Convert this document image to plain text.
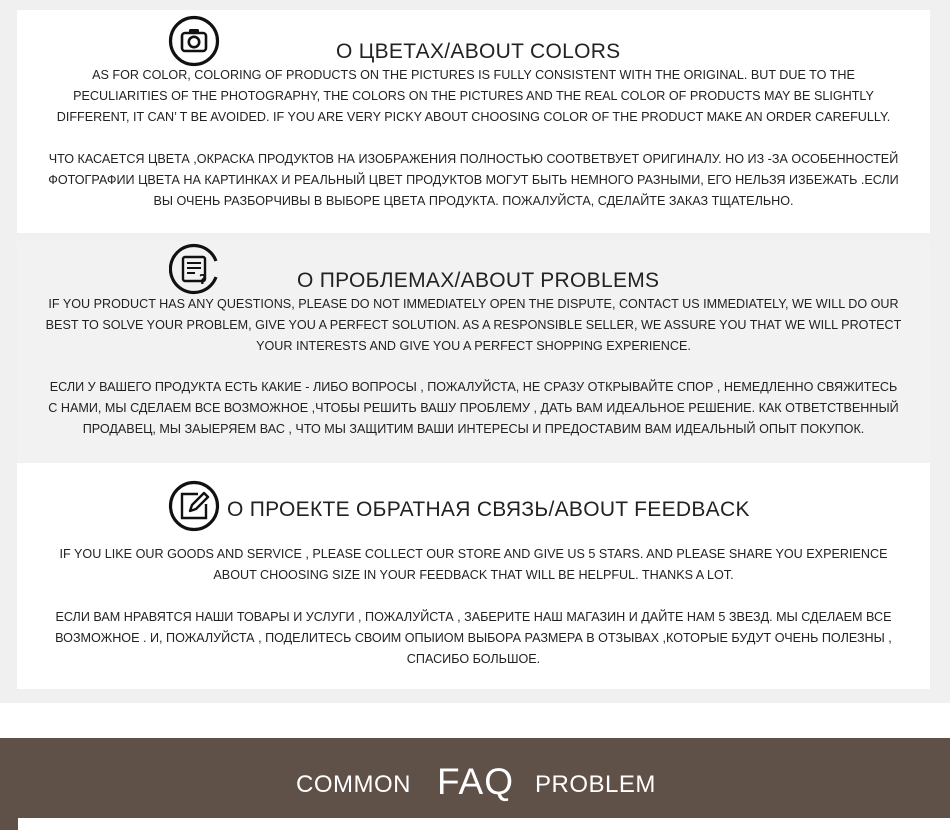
О ЦВЕТАХ/ABOUT COLORS
AS FOR COLOR, COLORING OF PRODUCTS ON THE PICTURES IS FULLY CONSISTENT WITH THE ORIGINAL. BUT DUE TO THE PECULIARITIES OF THE PHOTOGRAPHY, THE COLORS ON THE PICTURES AND THE REAL COLOR OF PRODUCTS MAY BE SLIGHTLY DIFFERENT, IT CAN’ T BE AVOIDED. IF YOU ARE VERY PICKY ABOUT CHOOSING COLOR OF THE PRODUCT MAKE AN ORDER CAREFULLY.
ЧТО КАСАЕТСЯ ЦВЕТА ,ОКРАСКА ПРОДУКТОВ НА ИЗОБРАЖЕНИЯ ПОЛНОСТЬЮ СООТВЕТВУЕТ ОРИГИНАЛУ. НО ИЗ -ЗА ОСОБЕННОСТЕЙ ФОТОГРАФИИ ЦВЕТА НА КАРТИНКАХ И РЕАЛЬНЫЙ ЦВЕТ ПРОДУКТОВ МОГУТ БЫТЬ НЕМНОГО РАЗНЫМИ, ЕГО НЕЛЬЗЯ ИЗБЕЖАТЬ .ЕСЛИ ВЫ ОЧЕНЬ РАЗБОРЧИВЫ В ВЫБОРЕ ЦВЕТА ПРОДУКТА. ПОЖАЛУЙСТА, СДЕЛАЙТЕ ЗАКАЗ ТЩАТЕЛЬНО.
?	О ПРОБЛЕМАХ/ABOUT PROBLEMS
IF YOU PRODUCT HAS ANY QUESTIONS, PLEASE DO NOT IMMEDIATELY OPEN THE DISPUTE, CONTACT US IMMEDIATELY, WE WILL DO OUR BEST TO SOLVE YOUR PROBLEM, GIVE YOU A PERFECT SOLUTION. AS A RESPONSIBLE SELLER, WE ASSURE YOU THAT WE WILL PROTECT YOUR INTERESTS AND GIVE YOU A PERFECT SHOPPING EXPERIENCE.
ЕСЛИ У ВАШЕГО ПРОДУКТА ЕСТЬ КАКИЕ - ЛИБО ВОПРОСЫ , ПОЖАЛУЙСТА, НЕ СРАЗУ ОТКРЫВАЙТЕ СПОР , НЕМЕДЛЕННО СВЯЖИТЕСЬ С НАМИ, МЫ СДЕЛАЕМ ВСЕ ВОЗМОЖНОЕ ,ЧТОБЫ РЕШИТЬ ВАШУ ПРОБЛЕМУ , ДАТЬ ВАМ ИДЕАЛЬНОЕ РЕШЕНИЕ. КАК ОТВЕТСТВЕННЫЙ ПРОДАВЕЦ, МЫ ЗАЫЕРЯЕМ ВАС , ЧТО МЫ ЗАЩИТИМ ВАШИ ИНТЕРЕСЫ И ПРЕДОСТАВИМ ВАМ ИДЕАЛЬНЫЙ ОПЫТ ПОКУПОК.
О ПРОЕКТЕ ОБРАТНАЯ СВЯЗЬ/ABOUT FEEDBACK
IF YOU LIKE OUR GOODS AND SERVICE , PLEASE COLLECT OUR STORE AND GIVE US 5 STARS. AND PLEASE SHARE YOU EXPERIENCE ABOUT CHOOSING SIZE IN YOUR FEEDBACK THAT WILL BE HELPFUL. THANKS A LOT.
ЕСЛИ ВАМ НРАВЯТСЯ НАШИ ТОВАРЫ И УСЛУГИ , ПОЖАЛУЙСТА , ЗАБЕРИТЕ НАШ МАГАЗИН И ДАЙТЕ НАМ 5 ЗВЕЗД. МЫ СДЕЛАЕМ ВСЕ ВОЗМОЖНОЕ . И, ПОЖАЛУЙСТА , ПОДЕЛИТЕСЬ СВОИМ ОПЫИОМ ВЫБОРА РАЗМЕРА В ОТЗЫВАХ ,КОТОРЫЕ БУДУТ ОЧЕНЬ ПОЛЕЗНЫ , СПАСИБО БОЛЬШОЕ.
COMMON FAQ PROBLEM
